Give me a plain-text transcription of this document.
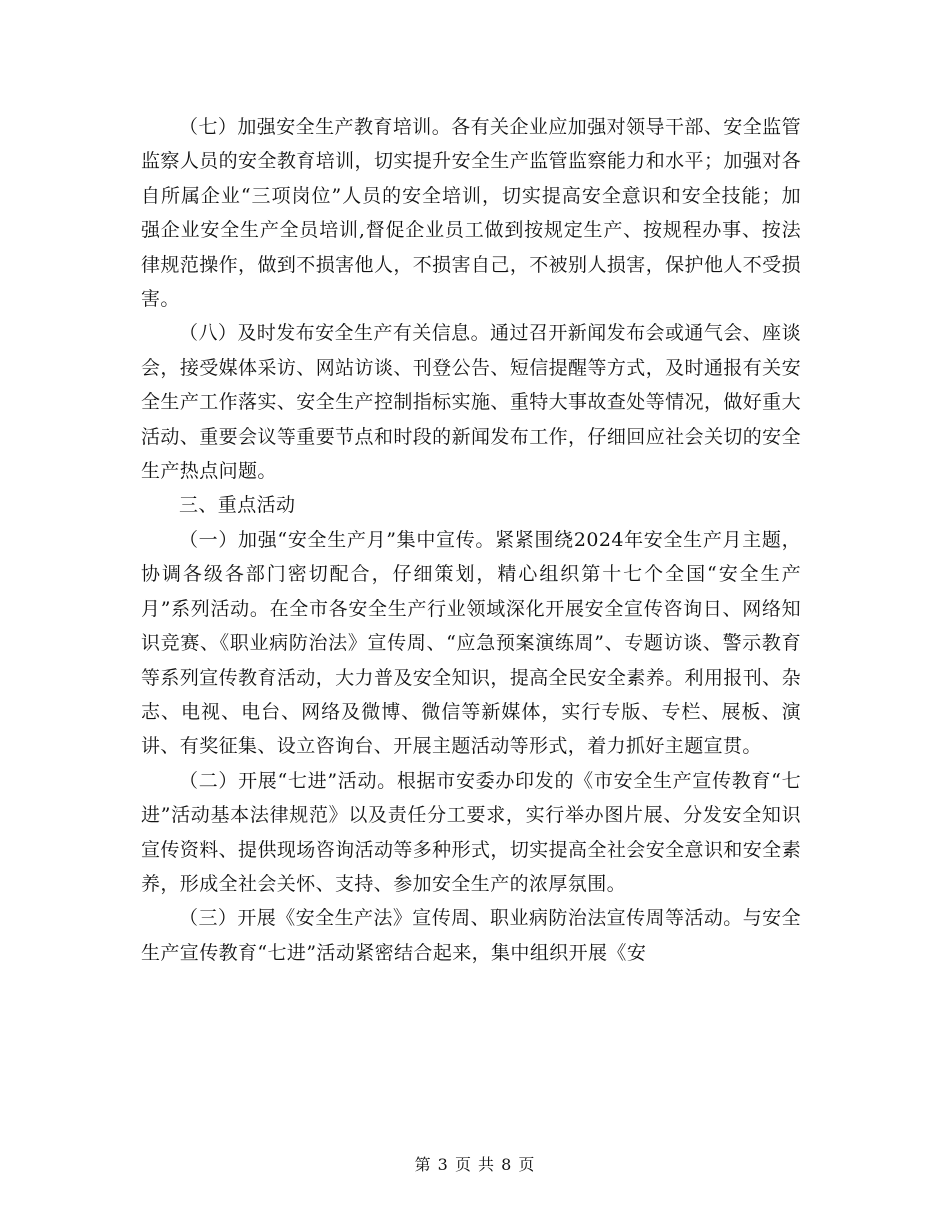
（七）加强安全生产教育培训。各有关企业应加强对领导干部、安全监管监察人员的安全教育培训，切实提升安全生产监管监察能力和水平；加强对各自所属企业“三项岗位”人员的安全培训，切实提高安全意识和安全技能；加强企业安全生产全员培训,督促企业员工做到按规定生产、按规程办事、按法律规范操作，做到不损害他人，不损害自己，不被别人损害，保护他人不受损害。

（八）及时发布安全生产有关信息。通过召开新闻发布会或通气会、座谈会，接受媒体采访、网站访谈、刊登公告、短信提醒等方式，及时通报有关安全生产工作落实、安全生产控制指标实施、重特大事故查处等情况，做好重大活动、重要会议等重要节点和时段的新闻发布工作，仔细回应社会关切的安全生产热点问题。

三、重点活动

（一）加强“安全生产月”集中宣传。紧紧围绕2024年安全生产月主题，协调各级各部门密切配合，仔细策划，精心组织第十七个全国“安全生产月”系列活动。在全市各安全生产行业领域深化开展安全宣传咨询日、网络知识竞赛、《职业病防治法》宣传周、“应急预案演练周”、专题访谈、警示教育等系列宣传教育活动，大力普及安全知识，提高全民安全素养。利用报刊、杂志、电视、电台、网络及微博、微信等新媒体，实行专版、专栏、展板、演讲、有奖征集、设立咨询台、开展主题活动等形式，着力抓好主题宣贯。

（二）开展“七进”活动。根据市安委办印发的《市安全生产宣传教育“七进”活动基本法律规范》以及责任分工要求，实行举办图片展、分发安全知识宣传资料、提供现场咨询活动等多种形式，切实提高全社会安全意识和安全素养，形成全社会关怀、支持、参加安全生产的浓厚氛围。

（三）开展《安全生产法》宣传周、职业病防治法宣传周等活动。与安全生产宣传教育“七进”活动紧密结合起来，集中组织开展《安

第 3 页 共 8 页
